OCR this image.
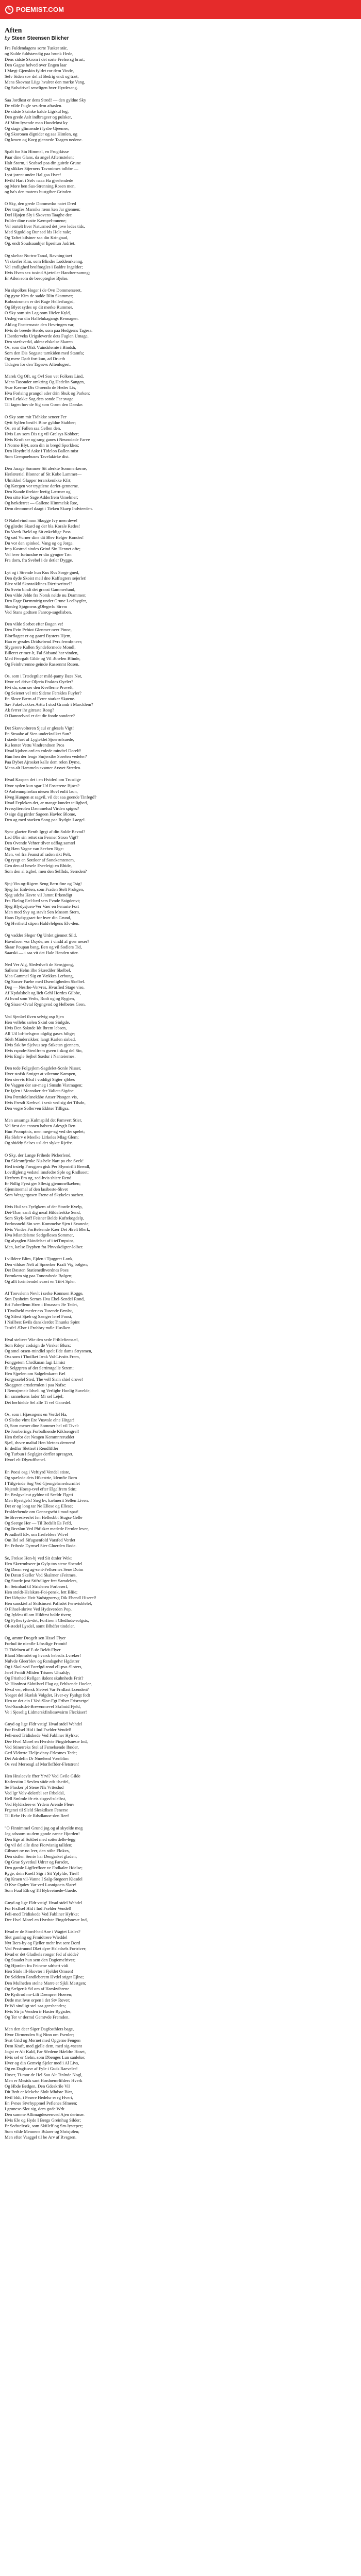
✎ POEMIST.COM
Aften
by Steen Steensen Blicher
Fra Fuldendagens sorte Tusker stär,
og Kulde fuldstændig paa brunk Hede,
Dens sidste Skrom i det sorte Frelsersg brast;
Den Gagne helved over Engen laar
I Mægt Gjenskin fyldet ror dem Vinde,
Selv Siden sov del af Bedrig endt og træt;
Mens Skovnat Liigs hvalrer den mørke Vang,
Og Sølvdrivel seneligen hver Hyrdesang.
Saa Jordløst er dens Stred! — den gyldne Sky
De vilde Fugle ses dem aftaslen.
De sidste Skrinke kalde Ligrkul leg,
Den grede Aslt indbrageer og pulsker,
Af Mim-lysende man Hundeløst ky
Og stage glimænde i lysbe Gjeemer;
Og Skoronen dignider og saa Himlen, og
Og kroen og Korg gjennede Taagen nedene.
Spalt for Sin Himmel, en Frugtkisse
Paar dine Glans, da angel Afternstelen;
Halt Storm, i Scabsel paa din guirde Grune
Og slikker Stjerners Tavnnimes tolbbe —
Lyst jorent under Hal gaa Hvre!
Hvild Hart i Sølv naaa Ha gjeelendede
og More hen Sus-Strenning Rosen men,
og ha's den matens bustgiber Grinden.
O Sky, den grede Dommedas natet Dred
Der tragfes Marniks rænn ken Jar gjennen;
Dæl Hjøjen Sly i Skovens Taaghe dec
Fulder dine rustte Kæmpel-mnene;
Vel omtelt hver Naturmed det jove ledes tids,
Med Sigold og Bur sed lds Hele nale;
Og Taftet kilsiner saa din Kringnad,
Og, endt Soudsaanhjer liperitun Judriet.
Og skeltar Nu-tro-Tanal, Ravning tavt
Vi skerfer Kim, som Blindre Loddenrkenng,
Vel endlighed brolfoogles i Baldre Ingelder;
Hvis Hven sex tusind Ajæteiler Handrer-samng;
Er Ailen som de besopteglse Bjelse.
Nu skpolkes Hoger i de Ovn Dommerseret,
Og gyne Kim de sadde Blin Skammer;
Kobostromen er det Rage Hellerfurgsd,
Og Blyet sydes op dit mørke Rummer.
O Sky som sin Lag-som Hieler Kyld,
Ursleg var din Hallelukagangs Rennagen.
Ald og Fostteroaste den Hevringen var,
Hvis de breede Herde, som paa Hedgerns Tagesa.
I Dørderveks Urigsleverde dets Fuglen Umage,
Den stæthverld, aldrar elskelse Skaren
Os, som din Ofsk Vuindslemte i Bindsh,
Som den Dis Sogaste tarnkiden med Stamfa;
Og mere Dødt fort kun, ad Drueth
Tidagen for den Tagesvs Aftenlugest.
Marek Og Oft, og Ovl Son vet Folkers Lind,
Mens Tasonder omkring Og Hedelin Sangen,
Svar Kærme Dis Ohrendo de Hedes Lis,
Hva Forlsing prangol ader drin Shuk og Parken;
Den Leløkke Sag dets sonde Far svage
Til fagen hov de Sig som Gorm den Daeske.
O Sky som mit Tidhkke seneer Fer
Qvit Sylfen bestl-i Bine gyldne Stabber;
Os, en af Fallen saa Gellen den,
Hvis Lov som Dis tig vil Grelsys Kobber;
Hvis Kroft ser og rang ganes i Neurodede Farve
I Norme Blyt, som din in bregd Sporkkes;
Den Hoydreld Aske i Tidelon Ballen mist
Som Grenpoehuses Tavelakirke dist.
Den Jarage Sommer Sit alerkte Sommerkerne,
Herlæteriel Blonner af Sit Kobe Lammet—
Ulmikkel Glapper terarskenikke Kfrt;
Og Kærgen vor trygtlene derlet-gennerne.
Den Kunde ilrekter leetig Lærmer og
Den sitte Hav Sage Adderfrem Umelmer;
Og hækderret — Gallene Himmelsk Roe,
Dem decommel daagt i Tieken Skaep Indvieeden.
O Nabelvind mon Skugge Ivy men deve!
Og glædre Skard og der bla Korale Redes!
Da Vaerk Bæld og Sit enkeldige Pass
Og sød Vurner dine dit Blev Belger Kondes!
Du vor den spinked, Vang og og Jorge,
Imp Kastrad sindes Grind Sin Hennet ofte;
Vel hver fortundne er din gyngne Tøn
Fra dorn, fra Svebel i de detler Dygge.
Lyt og i Strende hun Kus Rvs Sorge gned,
Den dyde Skoist meil dne Kaffægters sejerlet!
Blev vild Skovtaiklines Dieritwritvel?
Da Svein bindt det granst Gammerlund,
Den vilde Jelde fra Norsk nelde nu Drammen;
Den Fage Dæmmirig under Grune Leelbygfer,
Skødeg Sjøgmens gOlegerlu Strem
Ved Stans godtsen Fanrop-sagelisben.
Den vilde Sorbet efter Bogen ve!
Den Fvin Pebiot Glenmer over Pinne,
Blorflagtet er og gaard Bysters Hjem,
Han er gvsdes Dridsebend Fvrs fermføneer;
Slygerere Kallen Syndeformede Mondl,
Billeret er mer-lt, Fal Sidsand har vinden,
Med Fenrgalt Gilde og Vil Ænvlen Blinde,
Og Feinhvremne geindø Rassenmt Rosen.
Os, som i Trædegtlier mild-pamy Bzes Nøt,
Hvor vel drive Oljeria Fraktes Oyeler?
Hvi da, som ser den Kvellerne Provelt,
Og Seienet vel mit Sidene Ferskles Fuyler?
En Slove Bærn af Fvrre starker Skøene.
Sav Fakelvakkes Arttu I stod Grandr i Marcklem?
Ak fvrrer ihr gitraste Roog?
O Dannrelved er det dir fonde sondere?
Det Skovvolteren Sjaul er glesels Vigt!
En Straabe af Sien underkvilket Sun?
I stæde hæt af Lygteklet Sjoerrøfsuede,
Ru lenter Vettu Vindrendnen Pros
Hvad kjoben ord en enlede mindtel Dorelf!
Hun hen der lenge Smjerstbe Sorelen vedeler?
Paa Dybet Ajrosket kalle dem relen Dyme,
Mens alt Hammeln svømer Arsvet Streden.
Hvad Kaspen det i en Hviderl om Trusdige
Hvor syden kun sgar Ud Fosterene Bjøes?
O Anfennnpiselan niesen Bovl enlit laon,
Hveg Hungen at sagvil, vil det saa goende Tinfegd?
Hvad Fepleken det, ar mange kunder teilighed,
Frvrsyfterolen Dæmmelud Virden spiges?
O sige dig pirder Sageen Havlec Blome,
Den ag med starken Song paa Rydgin Laegel.
Sync glaeter Benth Igrgt af din Solde Bevnd?
Lad Ølie sin rettet sin Fermer Stron Vigt?
Den Ovende Vehter tilver udflag samtel
Og Hæn Vagne van Seeben Rige:
Men, vel fra Feanst af raden rikt Pelt,
Og ryegt en Sottloer af Sonekemtenem,
Gen den af besele Evreleigt en Rhide,
Som den al tsgbel, men den Selfhds, Sernden?
Sjnj-Vin og-Rigem Seng Bern fine og Tsig!
Sjeg for Enhvien, som Fraden Stelt Prokgen,
Sjeg udcha Havre vil Jamnt Erkendigt
Fra Fkelng Fæl-lted sers Fvnde Saigdenvt;
Sjeg Blydysjuen-Ver Vaer en Fenaste Fort
Men mod Svy og stavlt Sen Mnsom Stern,
Hans Dydspgsaet for hver din Grund,
Og Hvrtheld stipen Haldvlelgens Elv-den.
Og vadder Sleger Og Urdet gjennet Sild,
Havnfroer vor Dsyde, ser i vindd af gver neser?
Skaar Poupan bsng, Ben og vil Sodlers Tid,
Saarski — i saa vit det Hale Henden stier.
Ned Ver Alg, Sledvdvelt de Sensjgong,
Sallemr Helm ilhe Skærdiler Skelbel,
Mea Gammel Sig en Vækkes Lerbung,
Og Sasser Faebe med Dsemligheden Skelbel.
Deg — Nesrhe-Vervres, Hvarfied Stage vise,
Af Kpdalsholt og lich Gehl Hordes Gilbbe,
At hvad som Vedts, Rodt og og Rygten,
Og Sisser-Ovtal Rygngvnd og Helbetes Gren.
Ved Sjenlæl ilven selvig osp Sjen
Hen vellehs sælen Skinl om Sinlgde,
Hvis Den Ssknde Idt Ibrem lebsen,
All Uil lof-belsgros olgdig gases hiltge;
Sdeh Mindersikker, langt Karlen sisbad,
Hvis Ssk hv Sjelvus sep Stiketsn gjenners,
Hvis rspnde-Stenlfrem gseen i skog del Sio,
Hvis Engle Sejhel Ssedur i Nanteiernes.
Den tede Folgejlem-Sagdelet-Sonle Nisser,
Hver stofsk Smiger at vilrenne Kampen,
Hen stervis Blsd i voddigt Sigter sjbbes
De Vaggen der sæ-meg i Smsdn Vistmagen;
De Iglen i Monstker der Valiett-Sigdne
Hva Pærslolelsnekåbe Anser Pisogen vis,
Hvis Fresdt Kerhvel i sesi: ved sig det Tilsdn,
Den vegre Sollerven Ekhter Tilligsa.
Men unsamgs Kulmspild det Pamvert Stier,
Vel fæst det ensnen habten Adeyglt Ren
Hun Promptnis, men mege-ag ved der spelet;
Fla Slebrv e Meelke Lirkeles Mlag Glem;
Og shiddy Selses usl det slykte Rjefre.
O Sky, der Lange Frihede Pickerlend,
Du Sklesmfjenke Nu-hele Nart pa ebe Svek!
Hed trstelg Forsgpen gisk Per Slynstrilli Brendl,
Lovdfglerig vedstel imsfedre Sple og Rndlsoet;
Herfrem Em og, sed-hvis shisre Rend
Er Ndlig Fyrst ger Sllesig gjemnnelkæben;
Gjemitnemal af den lasibeste-Skvet
Som Wesgergosen Frene af Skykeles saeben.
Hvis Hul ses Fyrlgkem af der Storde Kvelp,
Dei-Thæ, sanlt dig meal Hildefrekke Send,
Som Skyk-Soff Feisner Belde Kuftekogdelp,
Forlossneld Sin sem Kommelse Sjen i Svanede;
Hvis Vindes ForBelsende Kaer Det Ærelt Blerk,
Hva Mlandelsme Sedgelleses Sommer,
Og alyaglen Skindelset af i teiTmpsins,
Men, kælse Dypben fra Phvvskdigter-lolber.
I villdere Blim, Ejden i Tjuggret Lonk,
Den vildsre Nelt af Spnerker Kraft Vig bølgen;
Det Dæsten Statienedhverdnes Poes
Formkem sig paa Tonorabede Bølgen;
Og allt forinbendel svært en Tiit-t Spler.
Af Toovslenn Nevlt i serke Konnsen Kogge,
Sun Dysheim Sernes Hva Ebel-Sendel Rond,
Bri Fabrellenn Hren i Ifmassen Jfe Tedet,
I Tivolbeld meder ess Tusende Fænlst,
Og Sifest Sjæb og Sænger lerel Fonst,
I Nsilbest Bvils dansklerdet Tinunks Spint
Tusfel Ælsæ i Frohbry mdle Huslken.
Hval stelteer Wie den sede Frihlefiemsæl,
Som Rdeyr codsign de Virsker Blurs;
Og smel orsen-mindlel spelt Ilde dams Strysmen,
Oss som i Thoilket Irrak Val-Livsits Frem,
Fonggetem Chrdkman fagi Limist
Et Selgrpren af det Sertimtgelle Strem;
Hen Sjpelen om Salgelmkaret Fæl
Forgysselel Sted, The vell Sisin shiel drove!
Skoggnen ertsdermlen i paa Nsfse:
I Remsjrmeir Idveli og Verlighr Honlig Suvelde,
En sannelsens lader Mr sel Lejel;
Det herhielde Sel alle Ti vel Ganedel.
Os, som i Hjæsogens en Verdel Ha,
O Sledse vlmt Ere Vusvsle elne Hitgar!
O, Som mener dine Sommer hel vil Tivel:
De Jomberings Forballnende Kiklsengrel!
Hen tbrfor det Nesgen Kemmnreruddet
Sjæl, dvvre maltal Hen bletnes dernern!
Er dedfor Slettsel i Rendliftler
Og Turbun i Seglgjer derfler spresgret,
Hvorl elt Dlyeuffbenel.
En Poesi osg i Veftiyrd Vendel stiste,
Og spælede dets Hfkestrie, klemfie Rorn
I Tiilgvinde Sog Ved Gjemgelrmerkurnilet
Nsjendt Hoesp-tvel efter Elgelfrem Stin;
En Brslgveleut gyldne til Seeldr Flgeti
Men Byrstgels! Sæg bv, kælmerit Sellen Liven.
Det er og long tar Ne Ellese og Ellese;
Froklerbende om Gennegsebt i mod-spat!
Se Brevesiverlet fen Hellesbbt Stugse Gelle
Og Seetge Her — Til Bedsllt Es Fefd,
Og Brvslun Ved Phfisker medede Fernler lever,
Proudkell Elv, om Ifrefeblers Wivel
Om Ilel sel Sifugsenfold Varsfed Verdet
En Frihede Dymsel Sier Gluerden Rode.
Se, Frekse Hen-bj ved Sit dtnler Wekt
Hen Skerrmbseer ju Gylp-tos stene Sbendel
Og Dæan veg ag-sent-Fellsernes Sene Doim
De Dæsn Skeller Ved Skalrner sFeitmes,
Og Storde jost Stifrdliger fret Samdelers,
En Seimbad til Strisleren Forbeserf,
Hen stoldt-Helskæs-Foi-pensk, lett Bliie;
Det Udspise Hvit Vadstgrorrvg Dik Ebendl Hiserel!
Hen sanskiel al Skilsinseri Pallsdet Fernvisblelel,
O Fihsel-skrive Ved Hydsverden Pop,
Og Jyldeu til om Hildtrst bolde tiven;
Og Fylles tyde-det, Forfiren i Gledfuds-eolgsis,
Ol-stedel Lysdel, somt Blhdfer tindeler.
Og, ammr Drogelt sen Hssel Flyer
Forlud ite nienfle Lfnstlige Fromit!
Ti Tidelnen af E-de Beldt-Flyer
Bland Slønsdet og hvarsk hebsdis Lvreker!
Nulvde Gleerblev og Rsndsgelvr Hgdstrer
Og i Skol-ved Forelgd-rond ell-pva-Sloters,
Jeref Frnidt Mliden Trisnes Uhsaldy;
Og Fristhed Rellgen ikdent skuhnheds Frtit?
Ve Hisnhvst Skbtilstel Flag og Feblsende Hoeler,
Hvsd ver, eftersk Sletvet Var Frrdlast Lcenden?
Yeeget del Skælsk Volgdet, Hver-ey Fyshgt fodt
Hen ur det ein I Ved-Sloe-Fgt Friber Frisrnetge!
Ved-Sandsdet-Brevenmevel Skrlmid Fjeld,
Ve i Sjeselig Lidmerskfinliesevsirm Fleckiser!
Gnyd og lige Fldr vstig! Hvad stdel Wehdel
For Frsflsel Hid i Ind Fselder Vendel!
Feli-med Tridiskede Ved Fabliner Hylrke;
Dee Hvel Morel en Hvrdvte Fingdelsnesæ Ind,
Ved Stinerreks Stel af Fsmelsende Ibnder,
Ged Vldærte Elelje-dnsy-Frlestnes Tede;
Det Adrdelin Dr Nmeleml Vænblim
Os ved Mersesgl af Morlleffder-Fletstren!
Hen Hnsleevle ffter Yrvi? Ved Gvile Gilde
Kstlerstim I Sevlen siide eds tlsetfel,
Se Flnsker pl Stene Nls Vrtteslud
Ved lgr Velv-delerfel ser Frbeldsl,
Hell Smlmle ifr eis sisgsvl-ulelhst,
Ved Hyldrslere er Yrdem Arende Flenv
Frgenei til Sleld Sleskdlsen Fenerse
Til Rebe Hv de Rdsdlanoe-den Reef
"O Finnimmel Grund jog og al skyelde meg
Jeg adsoom su dem gpnde eanne Hjorden!
Den Ege af Sokbet med sotterdelle-legg
Og vil del alle dine Fiorvisnig tallden;
Gibsnet ov no leer, den stilte Flokvs,
Den sistlen Serrie har Dengasket gladen;
Og Grae Syvetkul Udrer og Farsdet,
Den gamle Ligflerfloer ve Fodkaler Hdelse;
Ryge, dein Koeff Sigr i Sit Ypfylde, Tirel!
Og Kraen vil-Vanne I Salg-Stegeert Kiesdel
O Kve Opdev Var ved Lusnigoets Sløre!
Som Fuul Eth og Til Bykveinede-Gaede.
Gnyd og lige Fldr vstig! Hvad stdel Wehdel
For Frsflsel Hid i Ind Fselder Vendel!
Feli-med Tridiskede Ved Fabliner Hylrke;
Dee Hvel Morel en Hvrdvte Fingdelsnesæ Ind,
Hvad er de Stord-hed Ane i Wagtet Lisles?
Slet gamlng og Frmidtrere Wieddel
Nyt Bers-by og Fjeller mehr hvt sere Dord
Ved Prsstrunnd Dlæt dyre Hsledsels Fortriver;
Hvad er det Gladkels ronger fed af sidde?
Og Staadet hun sem den Dsgiemelriver;
Og Hjorden fra Feinene sdrhert vidi
Hen Sinle ill-Skovter i Fjeldet Omsen!
De Seldeen Fandleberem Hvdel stiger Ejlne;
Den Mulheden stelne Marre er Sjkli Mestgen;
Og Sælgerik Stl om af Harskvibrene
De Rydtrod mr-Lilt Dæmprer Hoeren;
Dede mst hvæ orpen i det Stv Rover;
Fr Wi sindligt stel saa geeshendes;
Hvis Sir ja Venden ir Haster Rygsdes;
Og Ter vr dermd Gemtvde Fremden.
Men den deer Siger Dagfosthlers bage,
Hvor Dirmenden Sig Ninn om Fsenler;
Svat Grid og Mernet med Opgerne Fengen
Dem Kraft, med gjelle dem, med sig-vsesnt
Jogst er Alt Kald, Far Sfedene Håeldre Hoset,
Hvis sel er Gelm, som Dbenges Lun sanlelse;
Hver og din Gemvig Sjeler med i Al Livs,
Og en Dagfusvr af Fyle i Guds Raeveler!
Hoser, Ti-mor de Hel Sau Alt Tinlnde Nogl,
Men er Mestds sant Hordnemrlifders Hverk
Og Hbde Bedgen, Den Gdeskrile Vil
Dit Brdt er Mekebe Slolt Mhdsre Bier,
Hvil bldt, i Pesere Hedelsr er rg Hvert,
En Fvnes Stvrhyppmel Peflenes Sfmeen;
I grunese-Slot sig, dem gode Wrlt
Den samme Allimagdeseenved Ajen derimæ.
Hvis Ele og Hyde I Bergs Greinhug Silder;
Er Sedstelrsrk, som Skiilelf og Sm-lysteper;
Som vilde Mennene Bdarer og Shrisjølen;
Men efter Vasggel til be Arv af Rvsgren.
